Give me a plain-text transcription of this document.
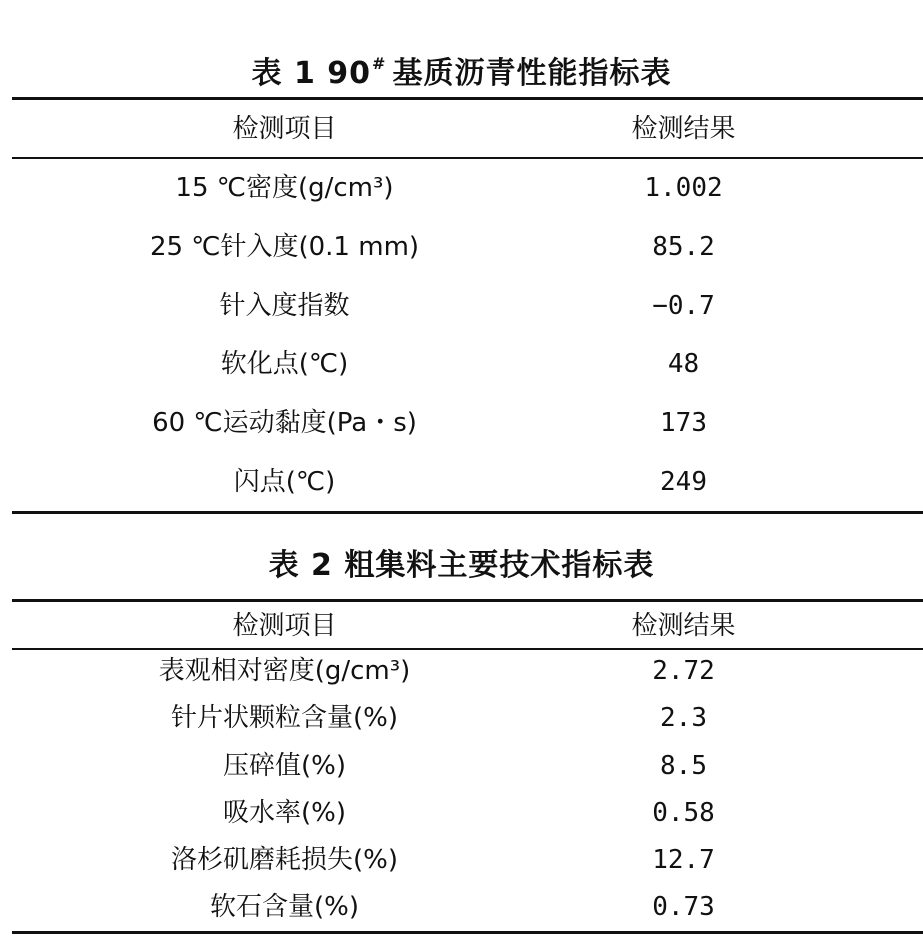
表 1 90# 基质沥青性能指标表
检测项目	检测结果
15 ℃密度(g/cm³)	1.002
25 ℃针入度(0.1 mm)	85.2
针入度指数	−0.7
软化点(℃)	48
60 ℃运动黏度(Pa・s)	173
闪点(℃)	249
表 2 粗集料主要技术指标表
检测项目	检测结果
表观相对密度(g/cm³)	2.72
针片状颗粒含量(%)	2.3
压碎值(%)	8.5
吸水率(%)	0.58
洛杉矶磨耗损失(%)	12.7
软石含量(%)	0.73
